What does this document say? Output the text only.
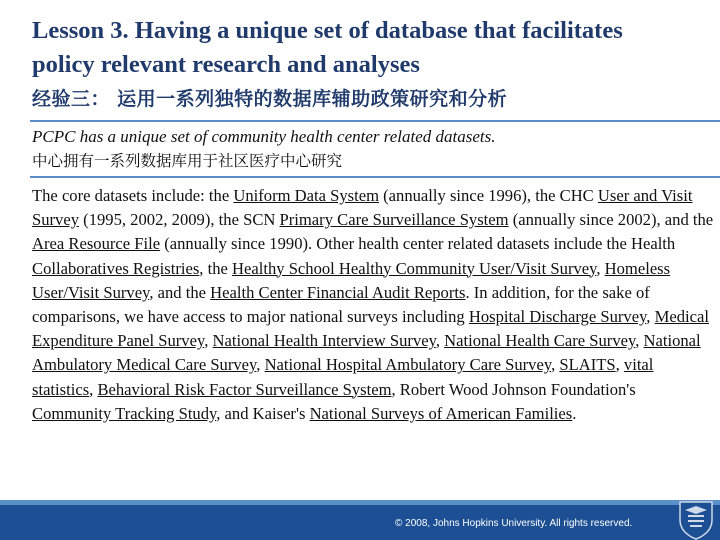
Lesson 3. Having a unique set of database that facilitates policy relevant research and analyses
经验三： 运用一系列独特的数据库辅助政策研究和分析
PCPC has a unique set of community health center related datasets.
中心拥有一系列数据库用于社区医疗中心研究
The core datasets include: the Uniform Data System (annually since 1996), the CHC User and Visit Survey (1995, 2002, 2009), the SCN Primary Care Surveillance System (annually since 2002), and the Area Resource File (annually since 1990). Other health center related datasets include the Health Collaboratives Registries, the Healthy School Healthy Community User/Visit Survey, Homeless User/Visit Survey, and the Health Center Financial Audit Reports. In addition, for the sake of comparisons, we have access to major national surveys including Hospital Discharge Survey, Medical Expenditure Panel Survey, National Health Interview Survey, National Health Care Survey, National Ambulatory Medical Care Survey, National Hospital Ambulatory Care Survey, SLAITS, vital statistics, Behavioral Risk Factor Surveillance System, Robert Wood Johnson Foundation's Community Tracking Study, and Kaiser's National Surveys of American Families.
© 2008, Johns Hopkins University. All rights reserved.
